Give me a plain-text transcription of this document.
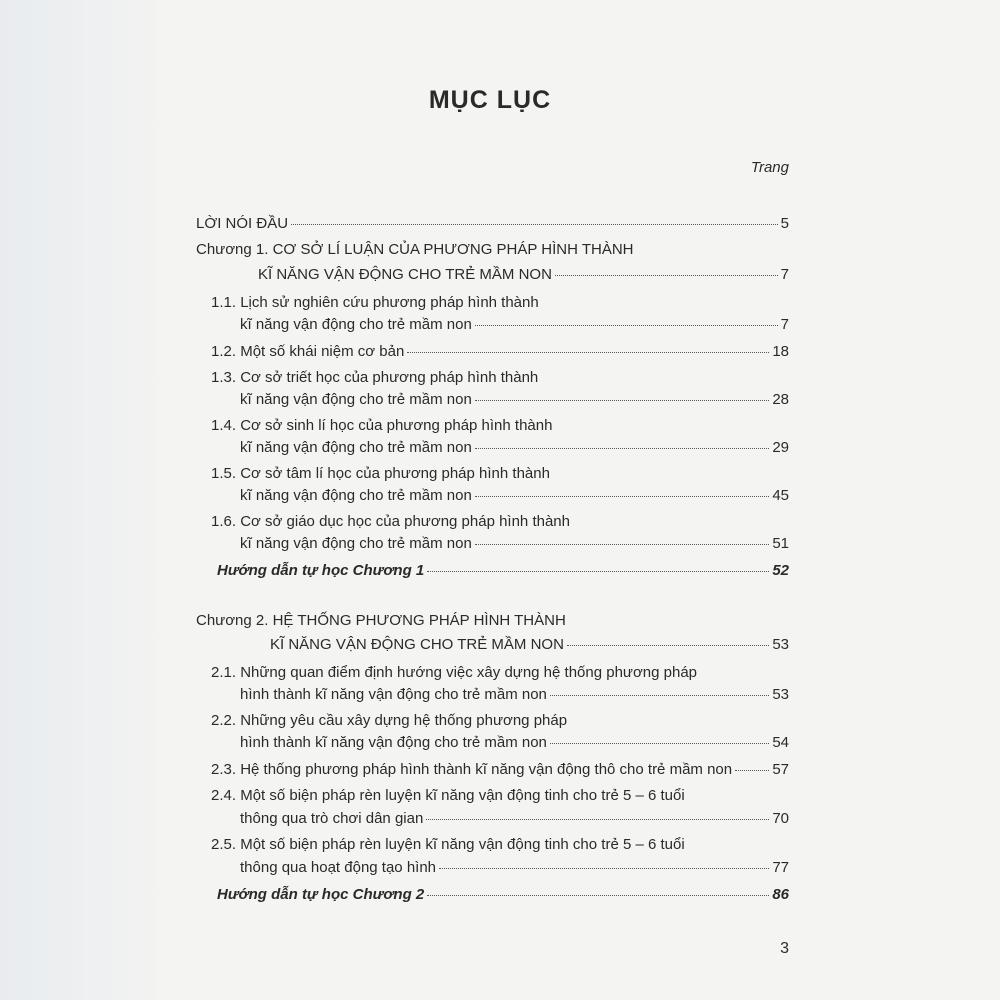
MỤC LỤC
Trang
LỜI NÓI ĐẦU	5
Chương 1. CƠ SỞ LÍ LUẬN CỦA PHƯƠNG PHÁP HÌNH THÀNH
KĨ NĂNG VẬN ĐỘNG CHO TRẺ MẦM NON	7
1.1. Lịch sử nghiên cứu phương pháp hình thành
kĩ năng vận động cho trẻ mầm non	7
1.2. Một số khái niệm cơ bản	18
1.3. Cơ sở triết học của phương pháp hình thành
kĩ năng vận động cho trẻ mầm non	28
1.4. Cơ sở sinh lí học của phương pháp hình thành
kĩ năng vận động cho trẻ mầm non	29
1.5. Cơ sở tâm lí học của phương pháp hình thành
kĩ năng vận động cho trẻ mầm non	45
1.6. Cơ sở giáo dục học của phương pháp hình thành
kĩ năng vận động cho trẻ mầm non	51
Hướng dẫn tự học Chương 1	52
Chương 2. HỆ THỐNG PHƯƠNG PHÁP HÌNH THÀNH
KĨ NĂNG VẬN ĐỘNG CHO TRẺ MẦM NON	53
2.1. Những quan điểm định hướng việc xây dựng hệ thống phương pháp
hình thành kĩ năng vận động cho trẻ mầm non	53
2.2. Những yêu cầu xây dựng hệ thống phương pháp
hình thành kĩ năng vận động cho trẻ mầm non	54
2.3. Hệ thống phương pháp hình thành kĩ năng vận động thô cho trẻ mầm non	57
2.4. Một số biện pháp rèn luyện kĩ năng vận động tinh cho trẻ 5 – 6 tuổi
thông qua trò chơi dân gian	70
2.5. Một số biện pháp rèn luyện kĩ năng vận động tinh cho trẻ 5 – 6 tuổi
thông qua hoạt động tạo hình	77
Hướng dẫn tự học Chương 2	86
3
